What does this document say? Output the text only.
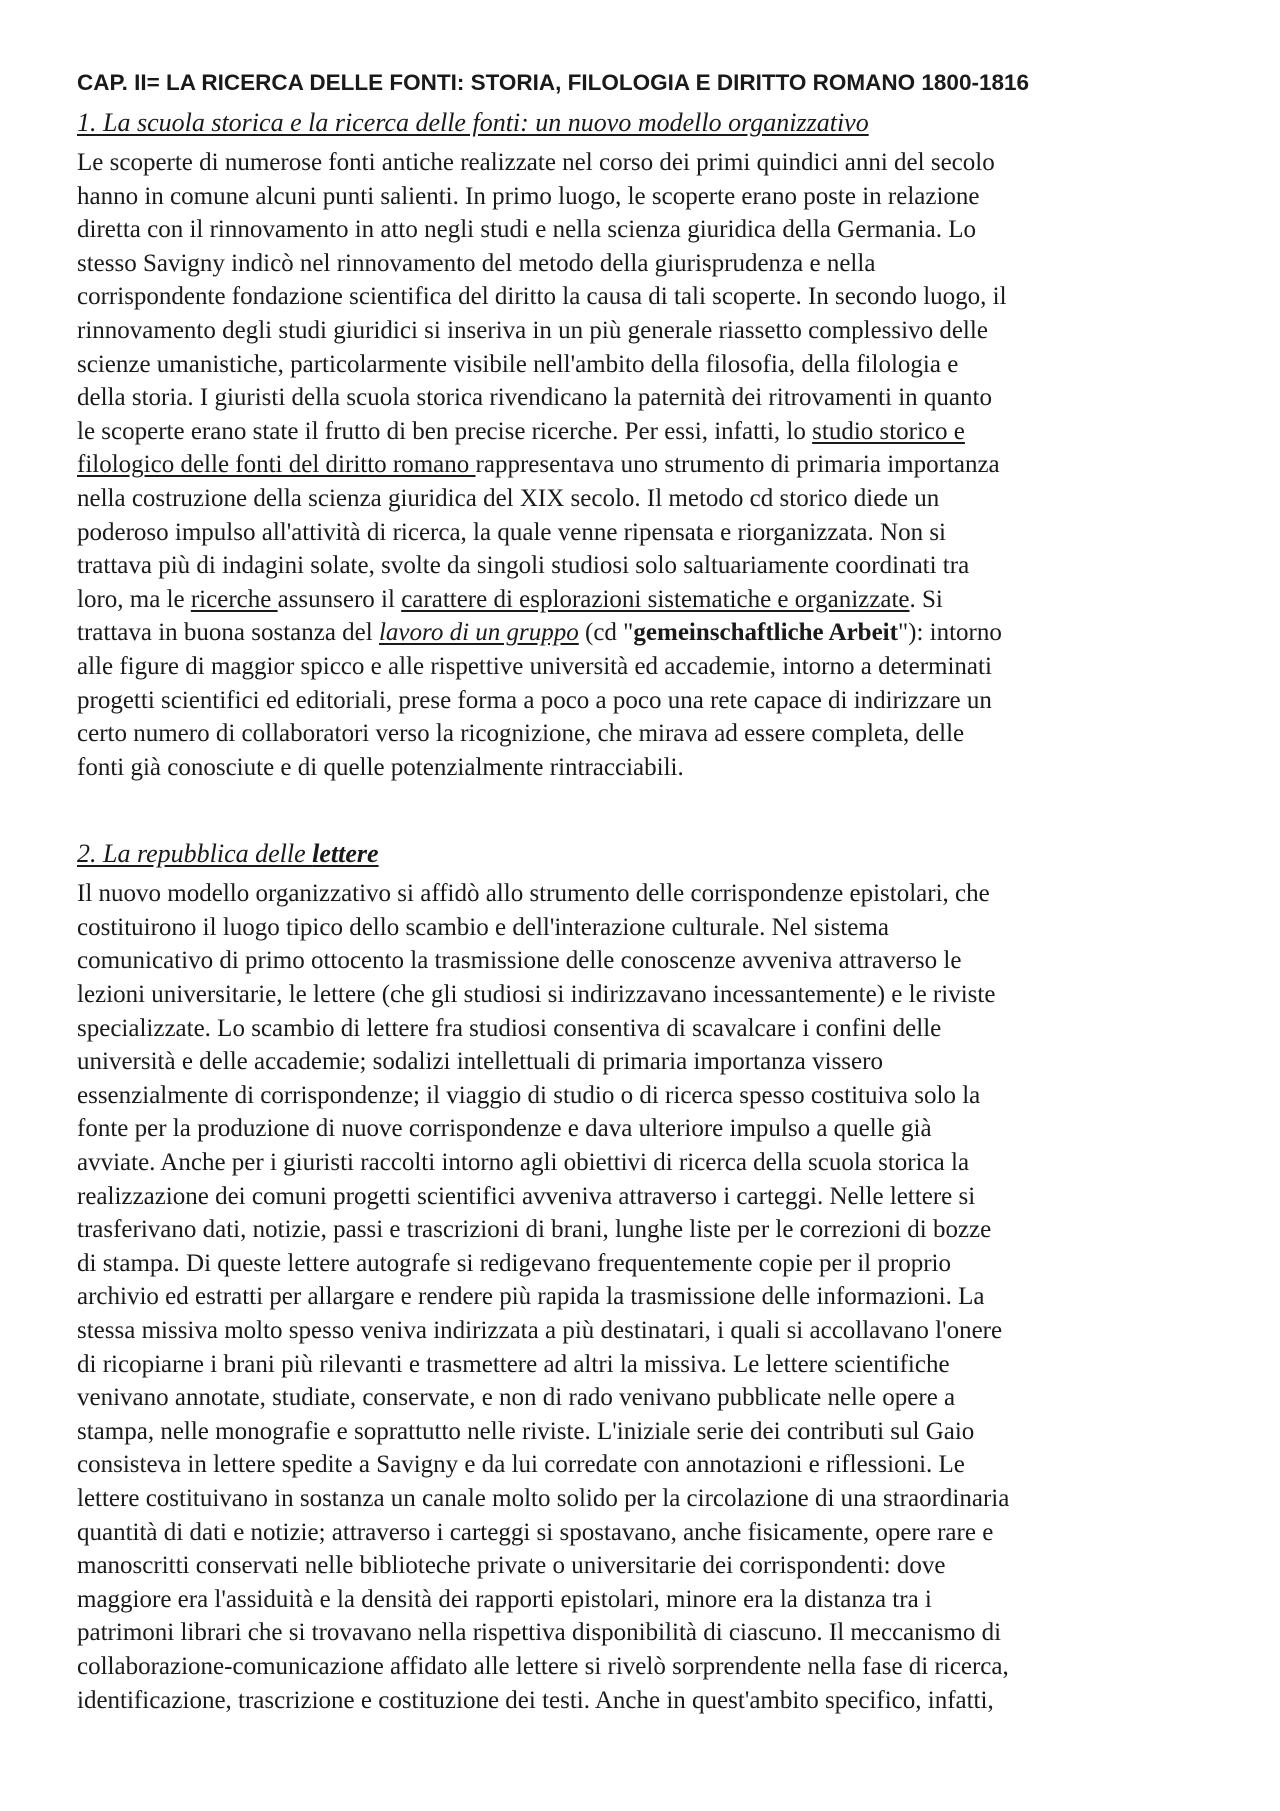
CAP. II= LA RICERCA DELLE FONTI: STORIA, FILOLOGIA E DIRITTO ROMANO 1800-1816
1. La scuola storica e la ricerca delle fonti: un nuovo modello organizzativo
Le scoperte di numerose fonti antiche realizzate nel corso dei primi quindici anni del secolo
hanno in comune alcuni punti salienti. In primo luogo, le scoperte erano poste in relazione
diretta con il rinnovamento in atto negli studi e nella scienza giuridica della Germania. Lo
stesso Savigny indicò nel rinnovamento del metodo della giurisprudenza e nella
corrispondente fondazione scientifica del diritto la causa di tali scoperte. In secondo luogo, il
rinnovamento degli studi giuridici si inseriva in un più generale riassetto complessivo delle
scienze umanistiche, particolarmente visibile nell'ambito della filosofia, della filologia e
della storia. I giuristi della scuola storica rivendicano la paternità dei ritrovamenti in quanto
le scoperte erano state il frutto di ben precise ricerche. Per essi, infatti, lo studio storico e
filologico delle fonti del diritto romano rappresentava uno strumento di primaria importanza
nella costruzione della scienza giuridica del XIX secolo. Il metodo cd storico diede un
poderoso impulso all'attività di ricerca, la quale venne ripensata e riorganizzata. Non si
trattava più di indagini solate, svolte da singoli studiosi solo saltuariamente coordinati tra
loro, ma le ricerche assunsero il carattere di esplorazioni sistematiche e organizzate. Si
trattava in buona sostanza del lavoro di un gruppo (cd "gemeinschaftliche Arbeit"): intorno
alle figure di maggior spicco e alle rispettive università ed accademie, intorno a determinati
progetti scientifici ed editoriali, prese forma a poco a poco una rete capace di indirizzare un
certo numero di collaboratori verso la ricognizione, che mirava ad essere completa, delle
fonti già conosciute e di quelle potenzialmente rintracciabili.
2. La repubblica delle lettere
Il nuovo modello organizzativo si affidò allo strumento delle corrispondenze epistolari, che
costituirono il luogo tipico dello scambio e dell'interazione culturale. Nel sistema
comunicativo di primo ottocento la trasmissione delle conoscenze avveniva attraverso le
lezioni universitarie, le lettere (che gli studiosi si indirizzavano incessantemente) e le riviste
specializzate. Lo scambio di lettere fra studiosi consentiva di scavalcare i confini delle
università e delle accademie; sodalizi intellettuali di primaria importanza vissero
essenzialmente di corrispondenze; il viaggio di studio o di ricerca spesso costituiva solo la
fonte per la produzione di nuove corrispondenze e dava ulteriore impulso a quelle già
avviate. Anche per i giuristi raccolti intorno agli obiettivi di ricerca della scuola storica la
realizzazione dei comuni progetti scientifici avveniva attraverso i carteggi. Nelle lettere si
trasferivano dati, notizie, passi e trascrizioni di brani, lunghe liste per le correzioni di bozze
di stampa. Di queste lettere autografe si redigevano frequentemente copie per il proprio
archivio ed estratti per allargare e rendere più rapida la trasmissione delle informazioni. La
stessa missiva molto spesso veniva indirizzata a più destinatari, i quali si accollavano l'onere
di ricopiarne i brani più rilevanti e trasmettere ad altri la missiva. Le lettere scientifiche
venivano annotate, studiate, conservate, e non di rado venivano pubblicate nelle opere a
stampa, nelle monografie e soprattutto nelle riviste. L'iniziale serie dei contributi sul Gaio
consisteva in lettere spedite a Savigny e da lui corredate con annotazioni e riflessioni. Le
lettere costituivano in sostanza un canale molto solido per la circolazione di una straordinaria
quantità di dati e notizie; attraverso i carteggi si spostavano, anche fisicamente, opere rare e
manoscritti conservati nelle biblioteche private o universitarie dei corrispondenti: dove
maggiore era l'assiduità e la densità dei rapporti epistolari, minore era la distanza tra i
patrimoni librari che si trovavano nella rispettiva disponibilità di ciascuno. Il meccanismo di
collaborazione-comunicazione affidato alle lettere si rivelò sorprendente nella fase di ricerca,
identificazione, trascrizione e costituzione dei testi. Anche in quest'ambito specifico, infatti,
